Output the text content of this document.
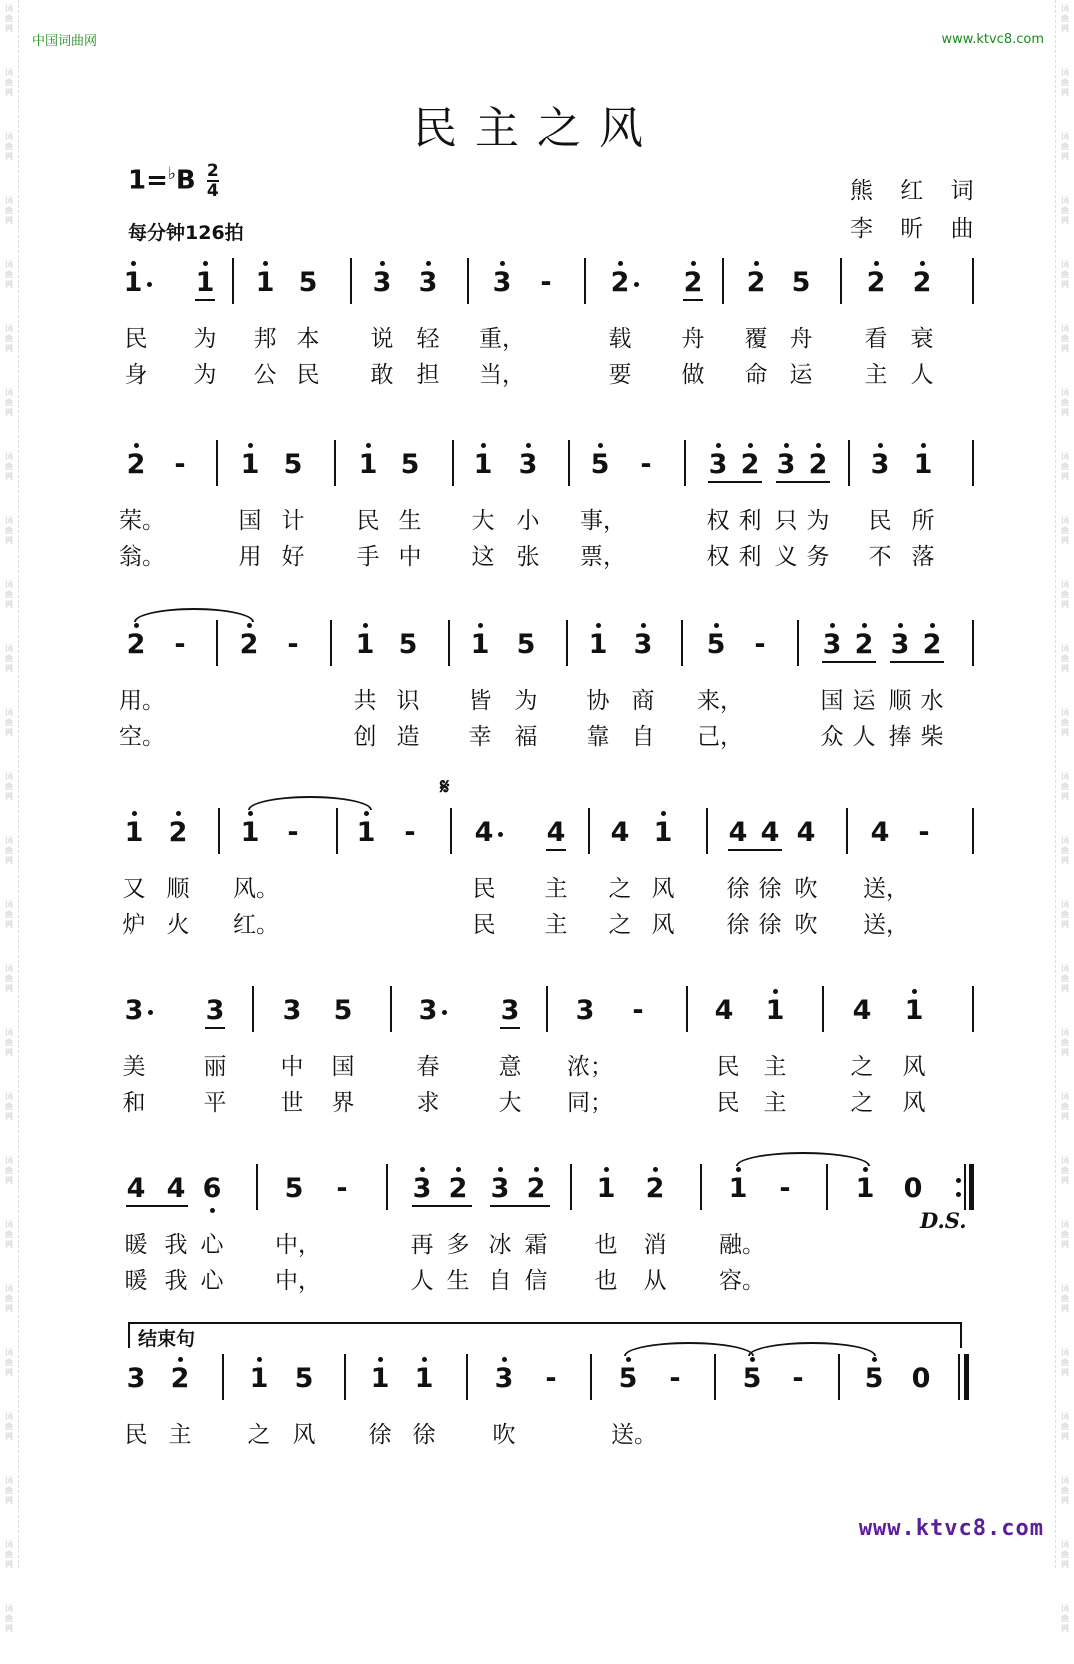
词
曲
网
词
曲
网
词
曲
网
词
曲
网
词
曲
网
词
曲
网
词
曲
网
词
曲
网
词
曲
网
词
曲
网
词
曲
网
词
曲
网
词
曲
网
词
曲
网
词
曲
网
词
曲
网
词
曲
网
词
曲
网
词
曲
网
词
曲
网
词
曲
网
词
曲
网
词
曲
网
词
曲
网
词
曲
网
词
曲
网
词
曲
网
词
曲
网
词
曲
网
词
曲
网
词
曲
网
词
曲
网
词
曲
网
词
曲
网
词
曲
网
词
曲
网
词
曲
网
词
曲
网
词
曲
网
词
曲
网
词
曲
网
词
曲
网
词
曲
网
词
曲
网
词
曲
网
词
曲
网
词
曲
网
词
曲
网
词
曲
网
词
曲
网
词
曲
网
词
曲
网
中国词曲网	www.ktvc8.com
民主之风
$1=^♭B \frac{2}{4}$
每分钟126拍
熊 红 词
李 昕 曲
1 1 1 5 3 3 3 - 2 2 2 5 2 2
民 为 邦 本 说 轻 重，	载 舟 覆 舟 看 衰
身 为 公 民 敢 担 当，	要 做 命 运 主 人
2 - 1 5 1 5 1 3 5 - 3 2 3 2 3 1
荣。	国 计 民 生 大 小 事，	权 利 只 为 民 所
翁。	用 好 手 中 这 张 票，	权 利 义 务 不 落
2 - 2 - 1 5 1 5 1 3 5 - 3 2 3 2
用。	共 识 皆 为 协 商 来，	国 运 顺 水
空。	创 造 幸 福 靠 自 己，	众 人 捧 柴
1 2 1 - 1 - 4 4 4 1 4 4 4 4 -
𝄋
又 顺 风。	民 主 之 风 徐 徐 吹 送，
炉 火 红。	民 主 之 风 徐 徐 吹 送，
3 3 3 5 3 3 3 -	4 1	4 1
美	丽 中 国	春	意 浓；	民 主	之 风
和	平 世 界	求	大 同；	民 主	之 风
4 4 6 5 - 3 2 3 2 1 2 1 - 1 0
D.S.
暖 我 心 中，	再 多 冰 霜 也 消 融。
暖 我 心 中，	人 生 自 信 也 从 容。
3 2 1 5 1 1 3 - 5 - 5 - 5 0
民 主 之 风 徐 徐 吹	送。
结束句
www.ktvc8.com
